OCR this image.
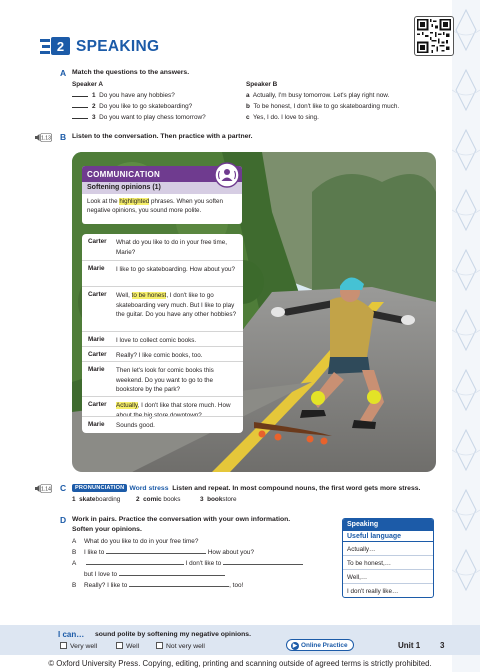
2 SPEAKING
A Match the questions to the answers.
Speaker A	Speaker B
1 Do you have any hobbies?
2 Do you like to go skateboarding?
3 Do you want to play chess tomorrow?
a Actually, I'm busy tomorrow. Let's play right now.
b To be honest, I don't like to go skateboarding much.
c Yes, I do. I love to sing.
1.13 B Listen to the conversation. Then practice with a partner.
COMMUNICATION
Softening opinions (1)
Look at the highlighted phrases. When you soften negative opinions, you sound more polite.
Carter What do you like to do in your free time, Marie?
Marie I like to go skateboarding. How about you?
Carter Well, to be honest, I don't like to go skateboarding very much. But I like to play the guitar. Do you have any other hobbies?
Marie I love to collect comic books.
Carter Really? I like comic books, too.
Marie Then let's look for comic books this weekend. Do you want to go to the bookstore by the park?
Carter Actually, I don't like that store much. How about the big store downtown?
Marie Sounds good.
1.14 C	PRONUNCIATION Word stress Listen and repeat. In most compound nouns, the first word gets more stress.
1 skateboarding 2 comic books	3 bookstore
D Work in pairs. Practice the conversation with your own information.
Soften your opinions.
A What do you like to do in your free time?
B I like to	How about you?
A	I don't like to
but I love to
B Really? I like to	, too!
Speaking
Useful language
Actually…
To be honest,…
Well,…
I don't really like…
I can… sound polite by softening my negative opinions.
Very well	Well	Not very well	▶ Online Practice	Unit 1 3
© Oxford University Press. Copying, editing, printing and scanning outside of agreed terms is strictly prohibited.
